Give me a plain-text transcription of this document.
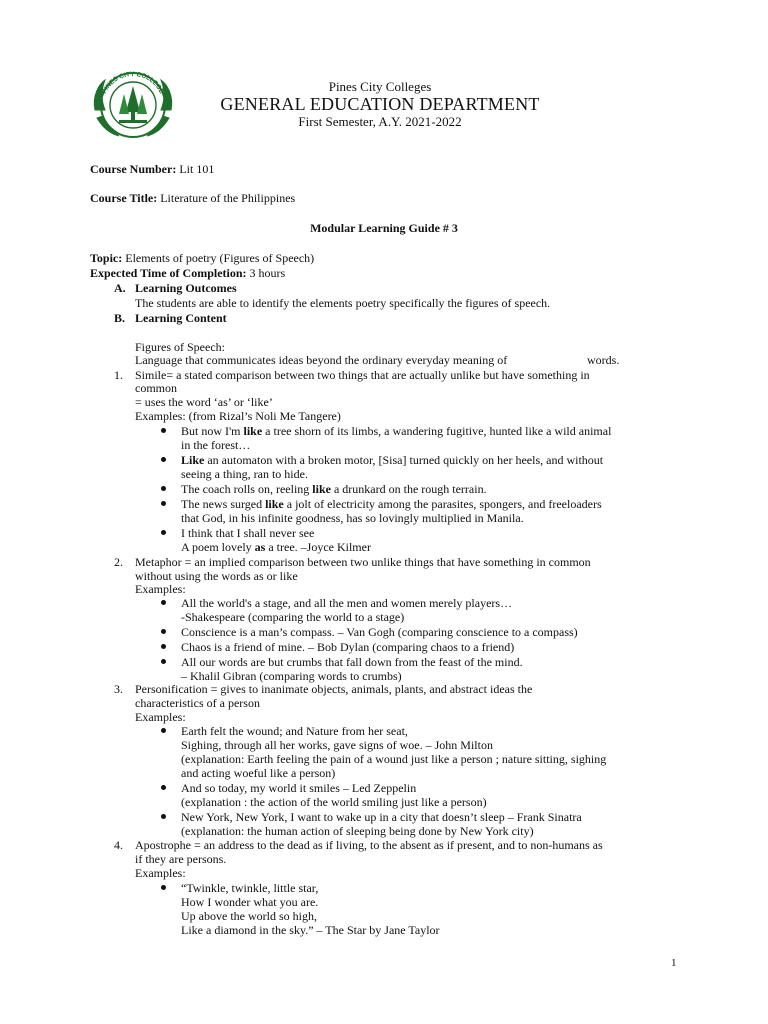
PINES CITY COLLEGE	Pines City Colleges
GENERAL EDUCATION DEPARTMENT
First Semester, A.Y. 2021-2022
Course Number: Lit 101
Course Title: Literature of the Philippines
Modular Learning Guide # 3
Topic: Elements of poetry (Figures of Speech)
Expected Time of Completion: 3 hours
A. Learning Outcomes
The students are able to identify the elements poetry specifically the figures of speech.
B. Learning Content
Figures of Speech:
Language that communicates ideas beyond the ordinary everyday meaning of	words.
1. Simile= a stated comparison between two things that are actually unlike but have something in
common
= uses the word ‘as’ or ‘like’
Examples: (from Rizal’s Noli Me Tangere)
But now I'm like a tree shorn of its limbs, a wandering fugitive, hunted like a wild animal
in the forest…
Like an automaton with a broken motor, [Sisa] turned quickly on her heels, and without
seeing a thing, ran to hide.
The coach rolls on, reeling like a drunkard on the rough terrain.
The news surged like a jolt of electricity among the parasites, spongers, and freeloaders
that God, in his infinite goodness, has so lovingly multiplied in Manila.
I think that I shall never see
A poem lovely as a tree. –Joyce Kilmer
2. Metaphor = an implied comparison between two unlike things that have something in common
without using the words as or like
Examples:
All the world's a stage, and all the men and women merely players…
-Shakespeare (comparing the world to a stage)
Conscience is a man’s compass. – Van Gogh (comparing conscience to a compass)
Chaos is a friend of mine. – Bob Dylan (comparing chaos to a friend)
All our words are but crumbs that fall down from the feast of the mind.
– Khalil Gibran (comparing words to crumbs)
3. Personification = gives to inanimate objects, animals, plants, and abstract ideas the
characteristics of a person
Examples:
Earth felt the wound; and Nature from her seat,
Sighing, through all her works, gave signs of woe. – John Milton
(explanation: Earth feeling the pain of a wound just like a person ; nature sitting, sighing
and acting woeful like a person)
And so today, my world it smiles – Led Zeppelin
(explanation : the action of the world smiling just like a person)
New York, New York, I want to wake up in a city that doesn’t sleep – Frank Sinatra
(explanation: the human action of sleeping being done by New York city)
4. Apostrophe = an address to the dead as if living, to the absent as if present, and to non-humans as
if they are persons.
Examples:
“Twinkle, twinkle, little star,
How I wonder what you are.
Up above the world so high,
Like a diamond in the sky.” – The Star by Jane Taylor
1
